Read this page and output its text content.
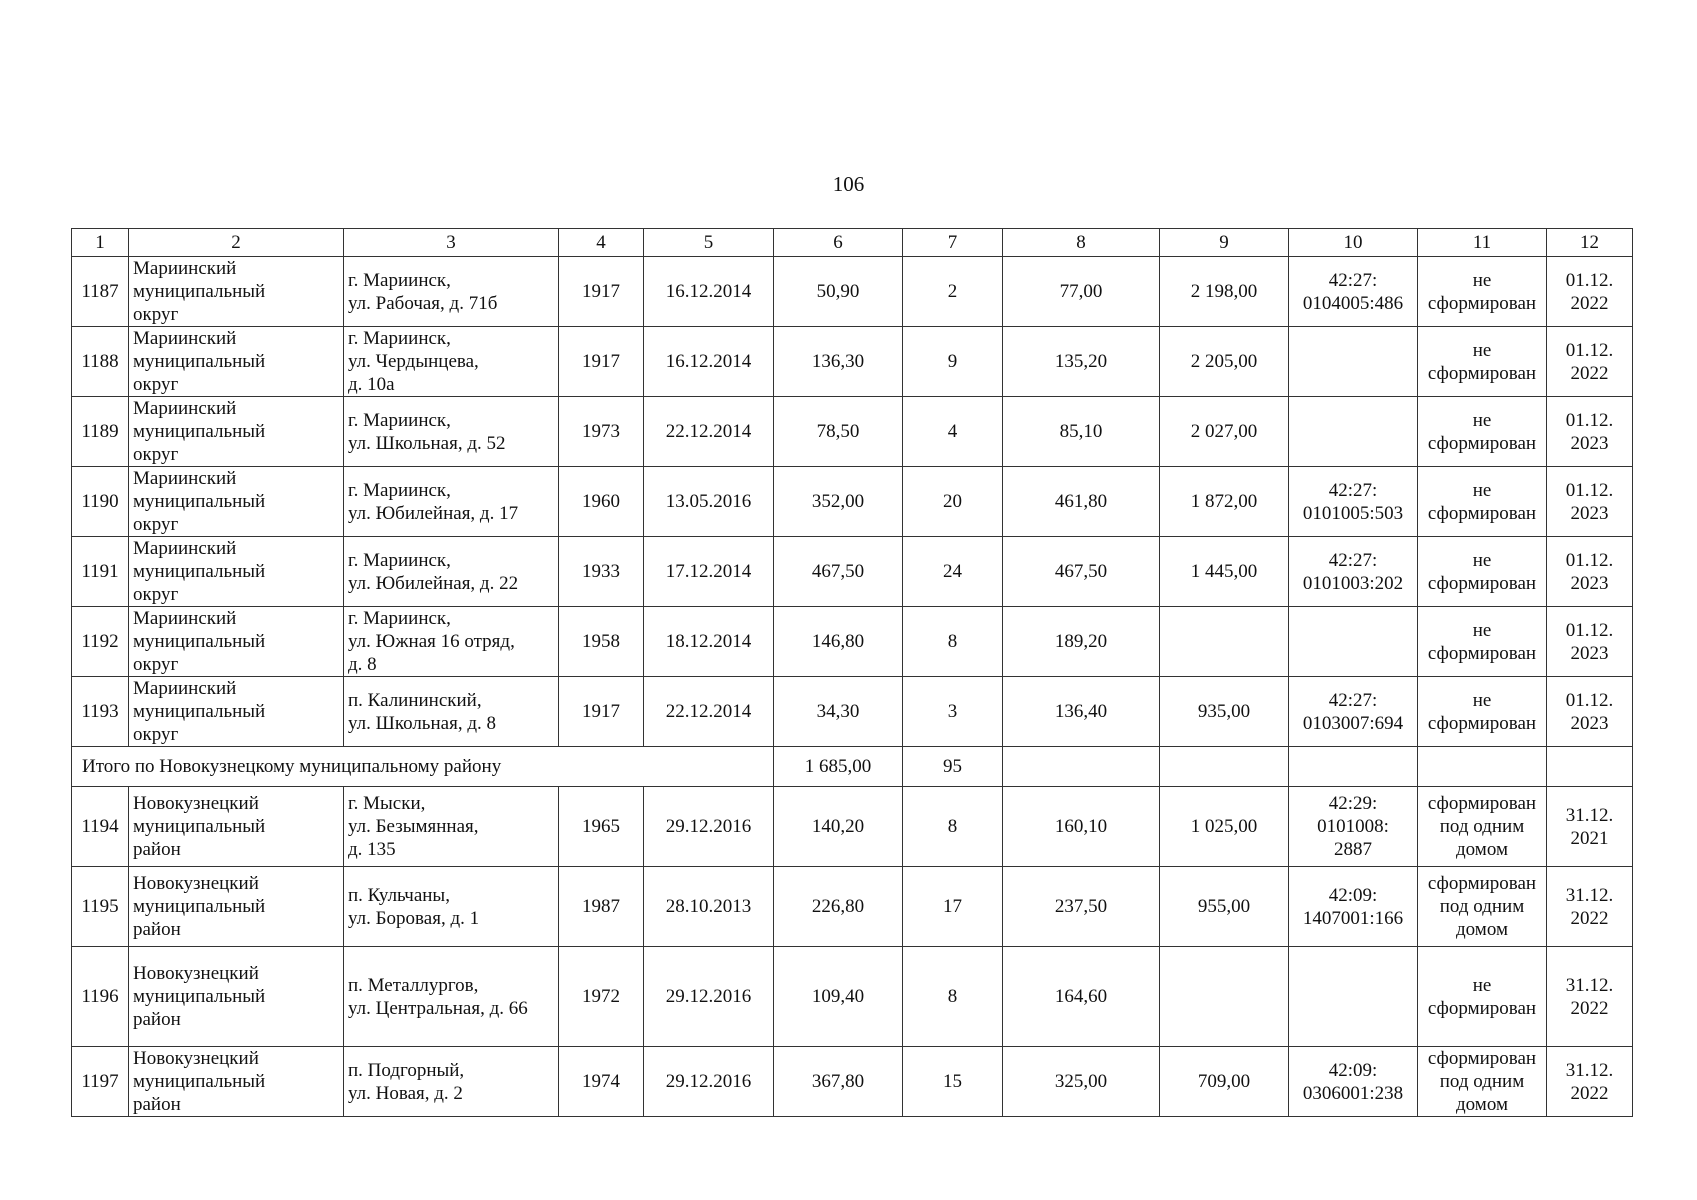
106
1	2	3	4	5	6	7	8	9	10	11	12
1187	Мариинский
муниципальный
округ	г. Мариинск,
ул. Рабочая, д. 71б	1917	16.12.2014	50,90	2	77,00	2 198,00	42:27:
0104005:486	не
сформирован	01.12.
2022
1188	Мариинский
муниципальный
округ	г. Мариинск,
ул. Чердынцева,
д. 10а	1917	16.12.2014	136,30	9	135,20	2 205,00		не
сформирован	01.12.
2022
1189	Мариинский
муниципальный
округ	г. Мариинск,
ул. Школьная, д. 52	1973	22.12.2014	78,50	4	85,10	2 027,00		не
сформирован	01.12.
2023
1190	Мариинский
муниципальный
округ	г. Мариинск,
ул. Юбилейная, д. 17	1960	13.05.2016	352,00	20	461,80	1 872,00	42:27:
0101005:503	не
сформирован	01.12.
2023
1191	Мариинский
муниципальный
округ	г. Мариинск,
ул. Юбилейная, д. 22	1933	17.12.2014	467,50	24	467,50	1 445,00	42:27:
0101003:202	не
сформирован	01.12.
2023
1192	Мариинский
муниципальный
округ	г. Мариинск,
ул. Южная 16 отряд,
д. 8	1958	18.12.2014	146,80	8	189,20			не
сформирован	01.12.
2023
1193	Мариинский
муниципальный
округ	п. Калининский,
ул. Школьная, д. 8	1917	22.12.2014	34,30	3	136,40	935,00	42:27:
0103007:694	не
сформирован	01.12.
2023
Итого по Новокузнецкому муниципальному району					1 685,00	95					
1194	Новокузнецкий
муниципальный
район	г. Мыски,
ул. Безымянная,
д. 135	1965	29.12.2016	140,20	8	160,10	1 025,00	42:29:
0101008:
2887	сформирован
под одним
домом	31.12.
2021
1195	Новокузнецкий
муниципальный
район	п. Кульчаны,
ул. Боровая, д. 1	1987	28.10.2013	226,80	17	237,50	955,00	42:09:
1407001:166	сформирован
под одним
домом	31.12.
2022
1196	Новокузнецкий
муниципальный
район	п. Металлургов,
ул. Центральная, д. 66	1972	29.12.2016	109,40	8	164,60			не
сформирован	31.12.
2022
1197	Новокузнецкий
муниципальный
район	п. Подгорный,
ул. Новая, д. 2	1974	29.12.2016	367,80	15	325,00	709,00	42:09:
0306001:238	сформирован
под одним
домом	31.12.
2022
